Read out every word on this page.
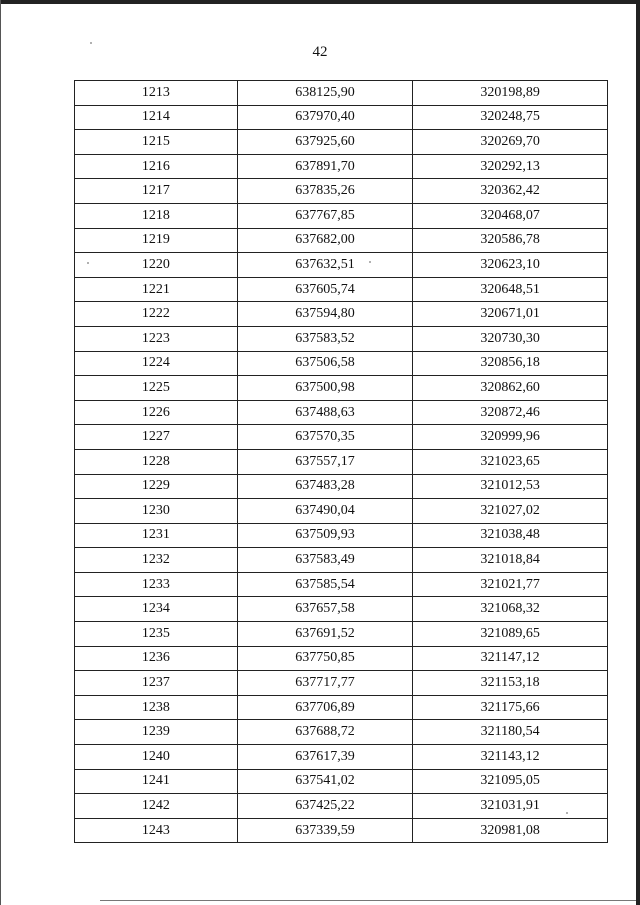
42
1213	638125,90	320198,89
1214	637970,40	320248,75
1215	637925,60	320269,70
1216	637891,70	320292,13
1217	637835,26	320362,42
1218	637767,85	320468,07
1219	637682,00	320586,78
1220	637632,51	320623,10
1221	637605,74	320648,51
1222	637594,80	320671,01
1223	637583,52	320730,30
1224	637506,58	320856,18
1225	637500,98	320862,60
1226	637488,63	320872,46
1227	637570,35	320999,96
1228	637557,17	321023,65
1229	637483,28	321012,53
1230	637490,04	321027,02
1231	637509,93	321038,48
1232	637583,49	321018,84
1233	637585,54	321021,77
1234	637657,58	321068,32
1235	637691,52	321089,65
1236	637750,85	321147,12
1237	637717,77	321153,18
1238	637706,89	321175,66
1239	637688,72	321180,54
1240	637617,39	321143,12
1241	637541,02	321095,05
1242	637425,22	321031,91
1243	637339,59	320981,08
